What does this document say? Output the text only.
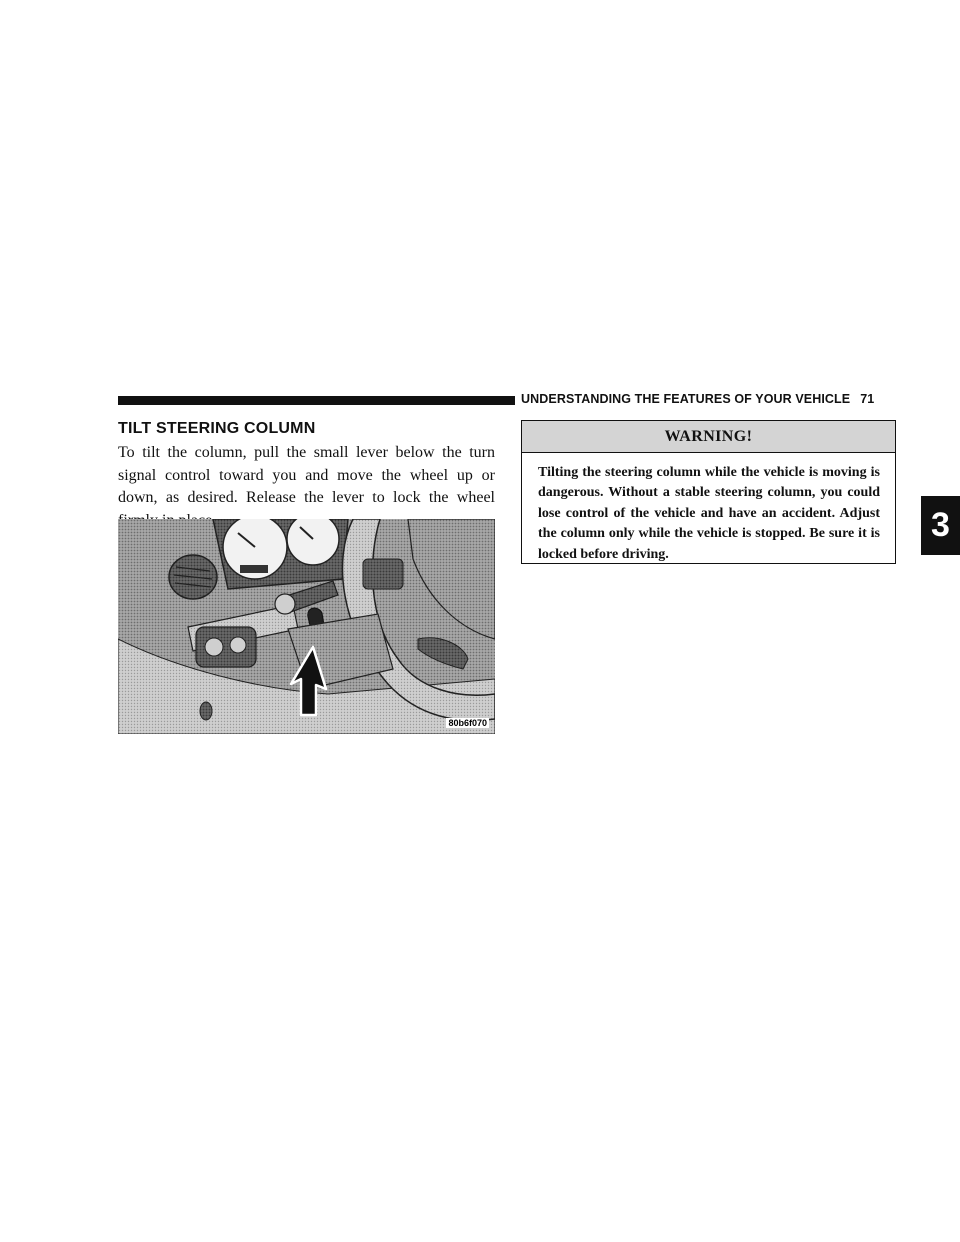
UNDERSTANDING THE FEATURES OF YOUR VEHICLE 71
TILT STEERING COLUMN

To tilt the column, pull the small lever below the turn signal control toward you and move the wheel up or down, as desired. Release the lever to lock the wheel

80b6f070
WARNING!
Tilting the steering column while the vehicle is moving is dangerous. Without a stable steering column, you could lose control of the vehicle and have an accident. Adjust the column only while the vehicle is stopped. Be sure it is locked before driving.
3
